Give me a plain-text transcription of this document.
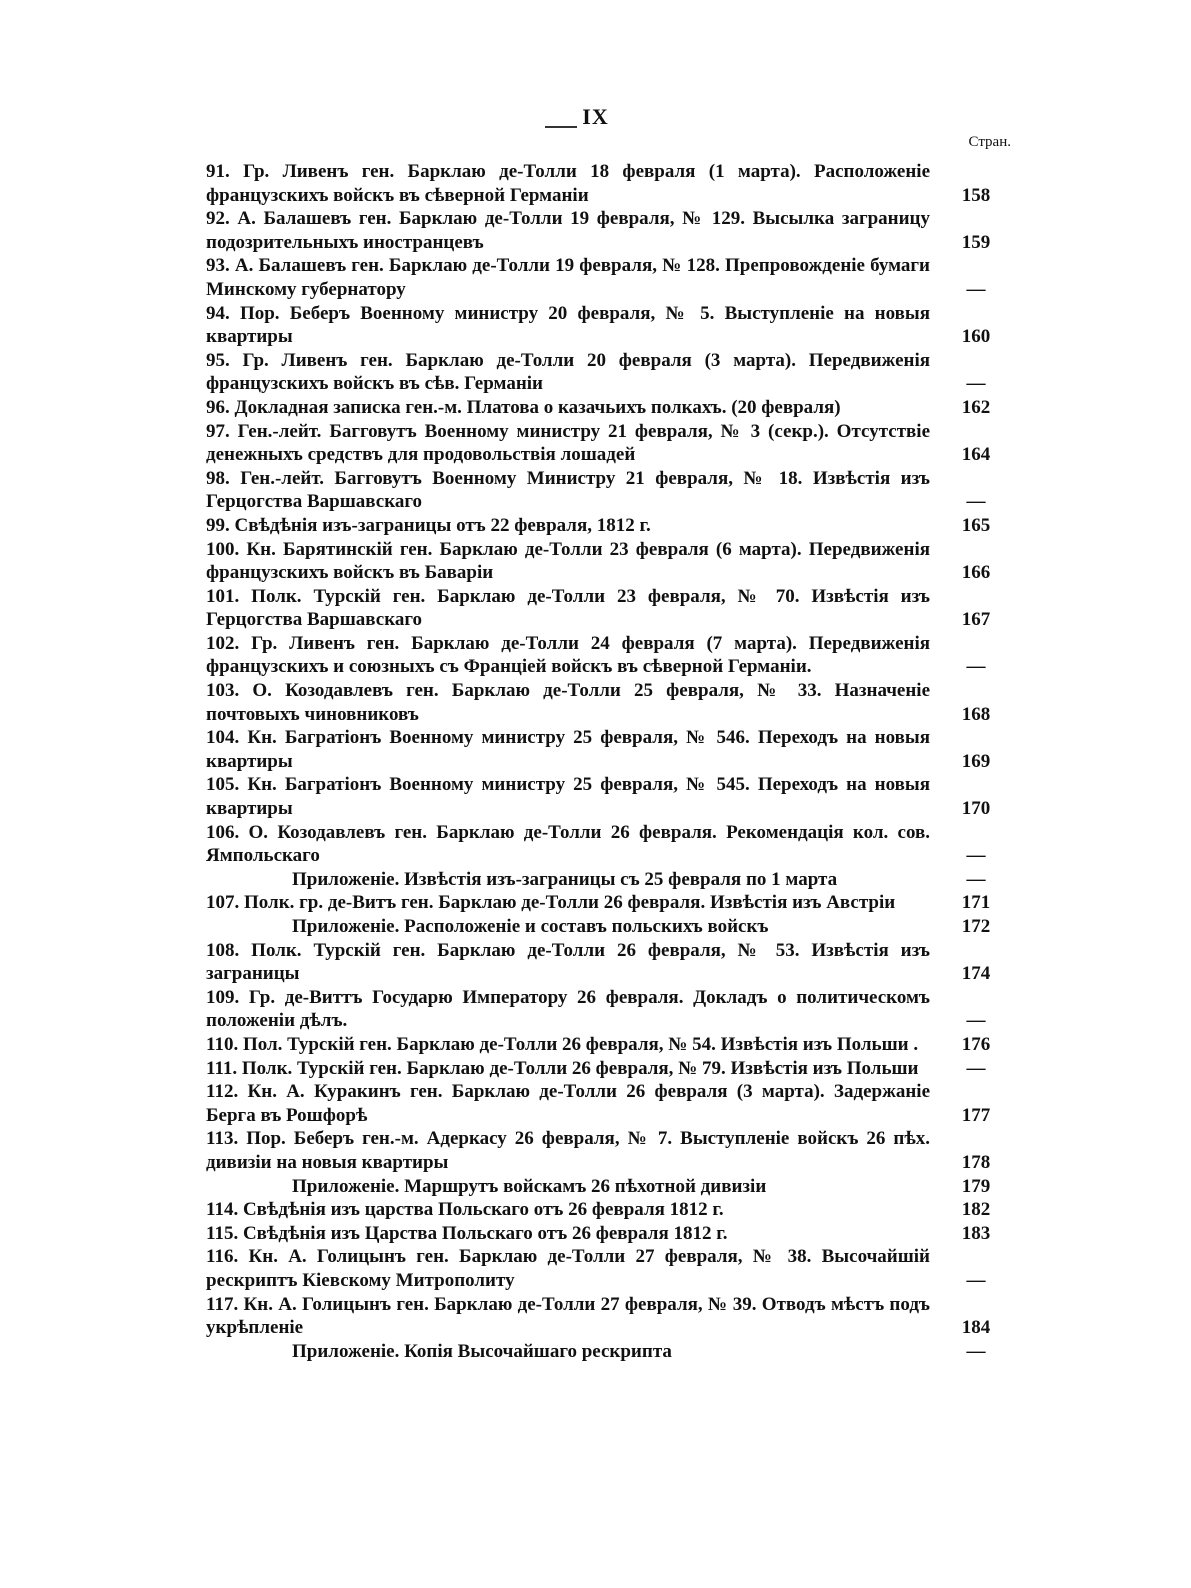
IX
Стран.
91. Гр. Ливенъ ген. Барклаю де-Толли 18 февраля (1 марта). Расположеніе французскихъ войскъ въ сѣверной Германіи	158
92. А. Балашевъ ген. Барклаю де-Толли 19 февраля, № 129. Высылка заграницу подозрительныхъ иностранцевъ	159
93. А. Балашевъ ген. Барклаю де-Толли 19 февраля, № 128. Препровожденіе бумаги Минскому губернатору	—
94. Пор. Беберъ Военному министру 20 февраля, № 5. Выступленіе на новыя квартиры	160
95. Гр. Ливенъ ген. Барклаю де-Толли 20 февраля (3 марта). Передвиженія французскихъ войскъ въ сѣв. Германіи	—
96. Докладная записка ген.-м. Платова о казачьихъ полкахъ. (20 февраля)	162
97. Ген.-лейт. Багговутъ Военному министру 21 февраля, № 3 (секр.). Отсутствіе денежныхъ средствъ для продовольствія лошадей	164
98. Ген.-лейт. Багговутъ Военному Министру 21 февраля, № 18. Извѣстія изъ Герцогства Варшавскаго	—
99. Свѣдѣнія изъ-заграницы отъ 22 февраля, 1812 г.	165
100. Кн. Барятинскій ген. Барклаю де-Толли 23 февраля (6 марта). Передвиженія французскихъ войскъ въ Баваріи	166
101. Полк. Турскій ген. Барклаю де-Толли 23 февраля, № 70. Извѣстія изъ Герцогства Варшавскаго	167
102. Гр. Ливенъ ген. Барклаю де-Толли 24 февраля (7 марта). Передвиженія французскихъ и союзныхъ съ Франціей войскъ въ сѣверной Германіи.	—
103. О. Козодавлевъ ген. Барклаю де-Толли 25 февраля, № 33. Назначеніе почтовыхъ чиновниковъ	168
104. Кн. Багратіонъ Военному министру 25 февраля, № 546. Переходъ на новыя квартиры	169
105. Кн. Багратіонъ Военному министру 25 февраля, № 545. Переходъ на новыя квартиры	170
106. О. Козодавлевъ ген. Барклаю де-Толли 26 февраля. Рекомендація кол. сов. Ямпольскаго	—
Приложеніе. Извѣстія изъ-заграницы съ 25 февраля по 1 марта	—
107. Полк. гр. де-Витъ ген. Барклаю де-Толли 26 февраля. Извѣстія изъ Австріи	171
Приложеніе. Расположеніе и составъ польскихъ войскъ	172
108. Полк. Турскій ген. Барклаю де-Толли 26 февраля, № 53. Извѣстія изъ заграницы	174
109. Гр. де-Виттъ Государю Императору 26 февраля. Докладъ о политическомъ положеніи дѣлъ.	—
110. Пол. Турскій ген. Барклаю де-Толли 26 февраля, № 54. Извѣстія изъ Польши .	176
111. Полк. Турскій ген. Барклаю де-Толли 26 февраля, № 79. Извѣстія изъ Польши	—
112. Кн. А. Куракинъ ген. Барклаю де-Толли 26 февраля (3 марта). Задержаніе Берга въ Рошфорѣ	177
113. Пор. Беберъ ген.-м. Адеркасу 26 февраля, № 7. Выступленіе войскъ 26 пѣх. дивизіи на новыя квартиры	178
Приложеніе. Маршрутъ войскамъ 26 пѣхотной дивизіи	179
114. Свѣдѣнія изъ царства Польскаго отъ 26 февраля 1812 г.	182
115. Свѣдѣнія изъ Царства Польскаго отъ 26 февраля 1812 г.	183
116. Кн. А. Голицынъ ген. Барклаю де-Толли 27 февраля, № 38. Высочайшій рескриптъ Кіевскому Митрополиту	—
117. Кн. А. Голицынъ ген. Барклаю де-Толли 27 февраля, № 39. Отводъ мѣстъ подъ укрѣпленіе	184
Приложеніе. Копія Высочайшаго рескрипта	—
